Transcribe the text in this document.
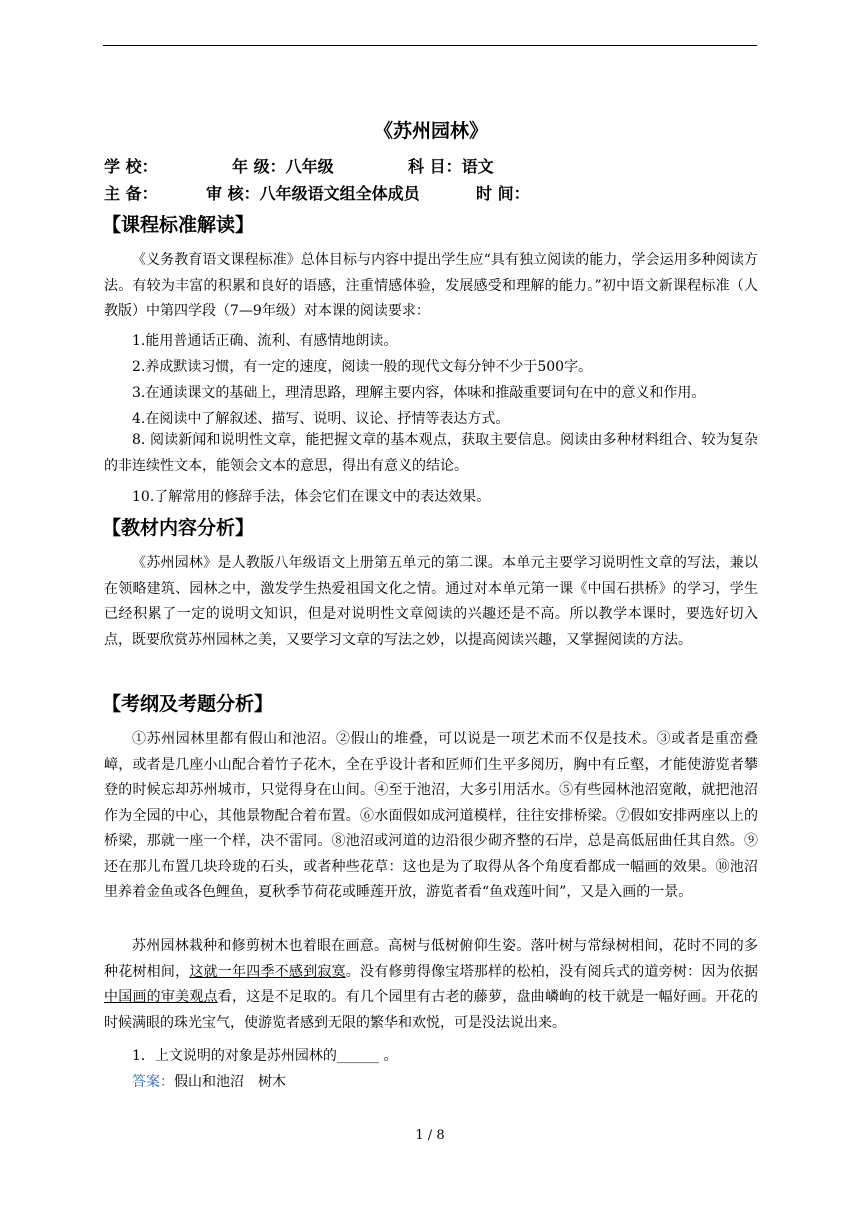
《苏州园林》
学 校：	年 级：八年级	科 目：语文
主 备：	审 核：八年级语文组全体成员	时 间：
【课程标准解读】
《义务教育语文课程标准》总体目标与内容中提出学生应“具有独立阅读的能力，学会运用多种阅读方法。有较为丰富的积累和良好的语感，注重情感体验，发展感受和理解的能力。”初中语文新课程标准（人教版）中第四学段（7—9年级）对本课的阅读要求：
1.能用普通话正确、流利、有感情地朗读。
2.养成默读习惯，有一定的速度，阅读一般的现代文每分钟不少于500字。
3.在通读课文的基础上，理清思路，理解主要内容，体味和推敲重要词句在中的意义和作用。
4.在阅读中了解叙述、描写、说明、议论、抒情等表达方式。
8. 阅读新闻和说明性文章，能把握文章的基本观点，获取主要信息。阅读由多种材料组合、较为复杂的非连续性文本，能领会文本的意思，得出有意义的结论。
10.了解常用的修辞手法，体会它们在课文中的表达效果。
【教材内容分析】
《苏州园林》是人教版八年级语文上册第五单元的第二课。本单元主要学习说明性文章的写法，兼以在领略建筑、园林之中，激发学生热爱祖国文化之情。通过对本单元第一课《中国石拱桥》的学习，学生已经积累了一定的说明文知识，但是对说明性文章阅读的兴趣还是不高。所以教学本课时，要选好切入点，既要欣赏苏州园林之美，又要学习文章的写法之妙，以提高阅读兴趣，又掌握阅读的方法。
【考纲及考题分析】
①苏州园林里都有假山和池沼。②假山的堆叠，可以说是一项艺术而不仅是技术。③或者是重峦叠嶂，或者是几座小山配合着竹子花木，全在乎设计者和匠师们生平多阅历，胸中有丘壑，才能使游览者攀登的时候忘却苏州城市，只觉得身在山间。④至于池沼，大多引用活水。⑤有些园林池沼宽敞，就把池沼作为全园的中心，其他景物配合着布置。⑥水面假如成河道模样，往往安排桥梁。⑦假如安排两座以上的桥梁，那就一座一个样，决不雷同。⑧池沼或河道的边沿很少砌齐整的石岸，总是高低屈曲任其自然。⑨还在那儿布置几块玲珑的石头，或者种些花草：这也是为了取得从各个角度看都成一幅画的效果。⑩池沼里养着金鱼或各色鲤鱼，夏秋季节荷花或睡莲开放，游览者看“鱼戏莲叶间”，又是入画的一景。
苏州园林栽种和修剪树木也着眼在画意。高树与低树俯仰生姿。落叶树与常绿树相间，花时不同的多种花树相间，这就一年四季不感到寂寞。没有修剪得像宝塔那样的松柏，没有阅兵式的道旁树：因为依据中国画的审美观点看，这是不足取的。有几个园里有古老的藤萝，盘曲嶙峋的枝干就是一幅好画。开花的时候满眼的珠光宝气，使游览者感到无限的繁华和欢悦，可是没法说出来。
1．上文说明的对象是苏州园林的______ 。
答案：假山和池沼　树木
1 / 8
